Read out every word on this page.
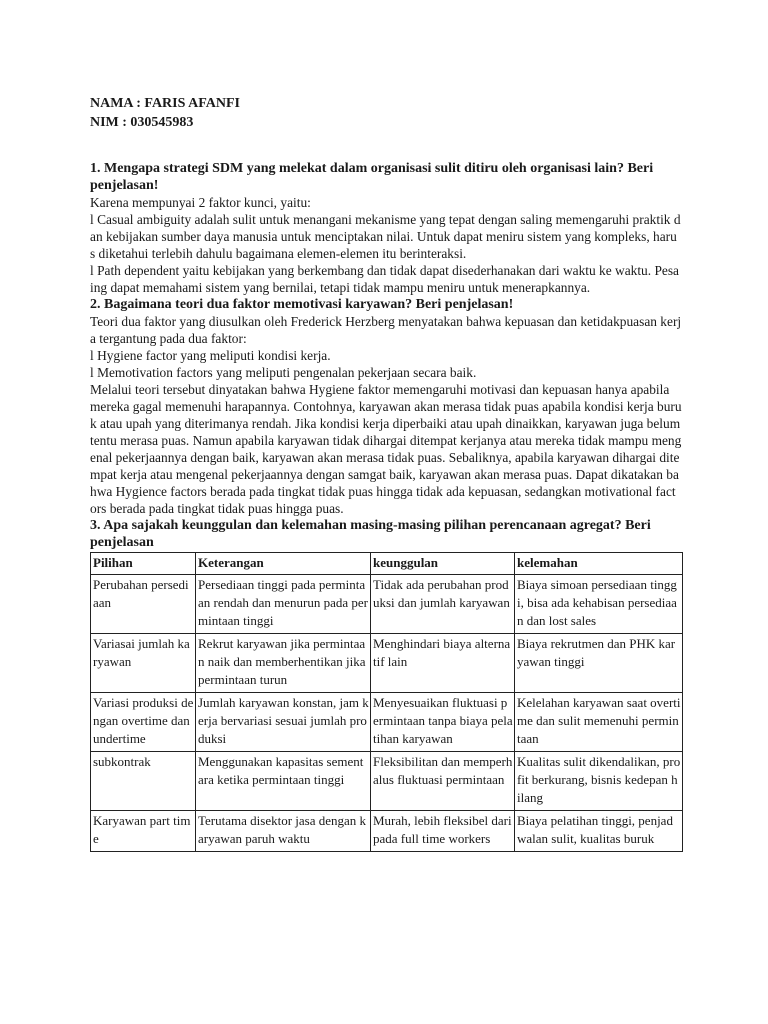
NAMA : FARIS AFANFI
NIM : 030545983
1. Mengapa strategi SDM yang melekat dalam organisasi sulit ditiru oleh organisasi lain? Beri penjelasan!
Karena mempunyai 2 faktor kunci, yaitu:
l Casual ambiguity adalah sulit untuk menangani mekanisme yang tepat dengan saling memengaruhi praktik dan kebijakan sumber daya manusia untuk menciptakan nilai. Untuk dapat meniru sistem yang kompleks, harus diketahui terlebih dahulu bagaimana elemen-elemen itu berinteraksi.
l Path dependent yaitu kebijakan yang berkembang dan tidak dapat disederhanakan dari waktu ke waktu. Pesaing dapat memahami sistem yang bernilai, tetapi tidak mampu meniru untuk menerapkannya.
2. Bagaimana teori dua faktor memotivasi karyawan? Beri penjelasan!
Teori dua faktor yang diusulkan oleh Frederick Herzberg menyatakan bahwa kepuasan dan ketidakpuasan kerja tergantung pada dua faktor:
l Hygiene factor yang meliputi kondisi kerja.
l Memotivation factors yang meliputi pengenalan pekerjaan secara baik.
Melalui teori tersebut dinyatakan bahwa Hygiene faktor memengaruhi motivasi dan kepuasan hanya apabila mereka gagal memenuhi harapannya. Contohnya, karyawan akan merasa tidak puas apabila kondisi kerja buruk atau upah yang diterimanya rendah. Jika kondisi kerja diperbaiki atau upah dinaikkan, karyawan juga belum tentu merasa puas. Namun apabila karyawan tidak dihargai ditempat kerjanya atau mereka tidak mampu mengenal pekerjaannya dengan baik, karyawan akan merasa tidak puas. Sebaliknya, apabila karyawan dihargai ditempat kerja atau mengenal pekerjaannya dengan samgat baik, karyawan akan merasa puas. Dapat dikatakan bahwa Hygience factors berada pada tingkat tidak puas hingga tidak ada kepuasan, sedangkan motivational factors berada pada tingkat tidak puas hingga puas.
3. Apa sajakah keunggulan dan kelemahan masing-masing pilihan perencanaan agregat? Beri penjelasan
Pilihan	Keterangan	keunggulan	kelemahan
Perubahan persediaan	Persediaan tinggi pada permintaan rendah dan menurun pada permintaan tinggi	Tidak ada perubahan produksi dan jumlah karyawan	Biaya simoan persediaan tinggi, bisa ada kehabisan persediaan dan lost sales
Variasai jumlah karyawan	Rekrut karyawan jika permintaan naik dan memberhentikan jika permintaan turun	Menghindari biaya alternatif lain	Biaya rekrutmen dan PHK karyawan tinggi
Variasi produksi dengan overtime dan undertime	Jumlah karyawan konstan, jam kerja bervariasi sesuai jumlah produksi	Menyesuaikan fluktuasi permintaan tanpa biaya pelatihan karyawan	Kelelahan karyawan saat overtime dan sulit memenuhi permintaan
subkontrak	Menggunakan kapasitas sementara ketika permintaan tinggi	Fleksibilitan dan memperhalus fluktuasi permintaan	Kualitas sulit dikendalikan, profit berkurang, bisnis kedepan hilang
Karyawan part time	Terutama disektor jasa dengan karyawan paruh waktu	Murah, lebih fleksibel dari pada full time workers	Biaya pelatihan tinggi, penjadwalan sulit, kualitas buruk
